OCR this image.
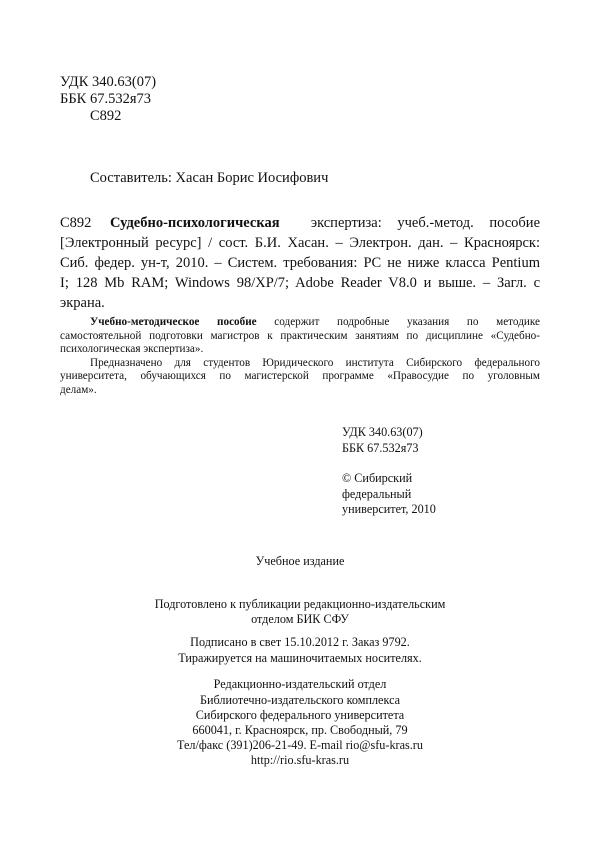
УДК 340.63(07)
ББК 67.532я73
С892
Составитель: Хасан Борис Иосифович
С892	Судебно-психологическая экспертиза: учеб.-метод. пособие
[Электронный ресурс] / сост. Б.И. Хасан. – Электрон. дан. – Красноярск:
Сиб. федер. ун-т, 2010. – Систем. требования: PC не ниже класса Pentium
I; 128 Mb RAM; Windows 98/XP/7; Adobe Reader V8.0 и выше. – Загл. с
экрана.
Учебно-методическое пособие содержит подробные указания по методике
самостоятельной подготовки магистров к практическим занятиям по дисциплине «Судебно-
психологическая экспертиза».
Предназначено для студентов Юридического института Сибирского федерального
университета, обучающихся по магистерской программе «Правосудие по уголовным
делам».
УДК 340.63(07)
ББК 67.532я73
© Сибирский
федеральный
университет, 2010
Учебное издание
Подготовлено к публикации редакционно-издательским
отделом БИК СФУ
Подписано в свет 15.10.2012 г. Заказ 9792.
Тиражируется на машиночитаемых носителях.
Редакционно-издательский отдел
Библиотечно-издательского комплекса
Сибирского федерального университета
660041, г. Красноярск, пр. Свободный, 79
Тел/факс (391)206-21-49. E-mail rio@sfu-kras.ru
http://rio.sfu-kras.ru
